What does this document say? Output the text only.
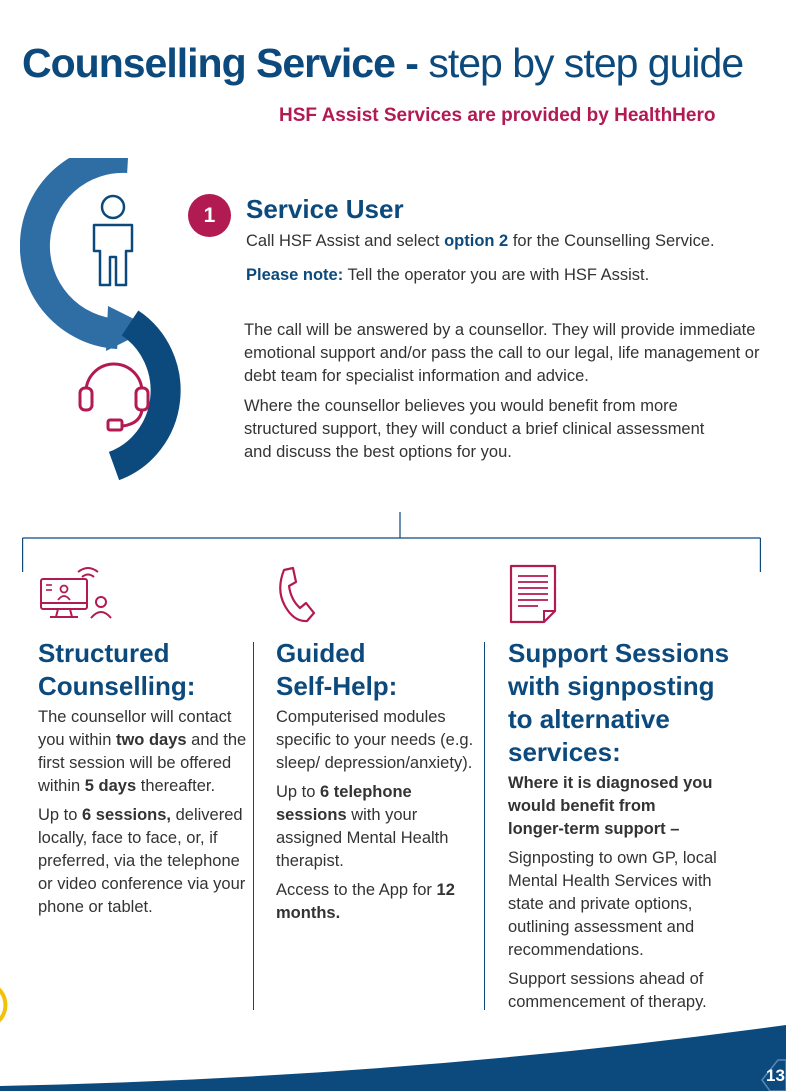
Counselling Service - step by step guide
HSF Assist Services are provided by HealthHero
1	Service User

Call HSF Assist and select option 2 for the Counselling Service.

Please note: Tell the operator you are with HSF Assist.

The call will be answered by a counsellor. They will provide immediate emotional support and/or pass the call to our legal, life management or debt team for specialist information and advice.

Where the counsellor believes you would benefit from more structured support, they will conduct a brief clinical assessment and discuss the best options for you.

Structured
Counselling:

The counsellor will contact you within two days and the first session will be offered within 5 days thereafter.

Up to 6 sessions, delivered locally, face to face, or, if preferred, via the telephone or video conference via your phone or tablet.

Guided
Self-Help:

Computerised modules specific to your needs (e.g. sleep/ depression/anxiety).

Up to 6 telephone sessions with your assigned Mental Health therapist.

Access to the App for 12 months.

Support Sessions
with signposting
to alternative
services:

Where it is diagnosed you would benefit from longer-term support –

Signposting to own GP, local Mental Health Services with state and private options, outlining assessment and recommendations.

Support sessions ahead of commencement of therapy.

13
